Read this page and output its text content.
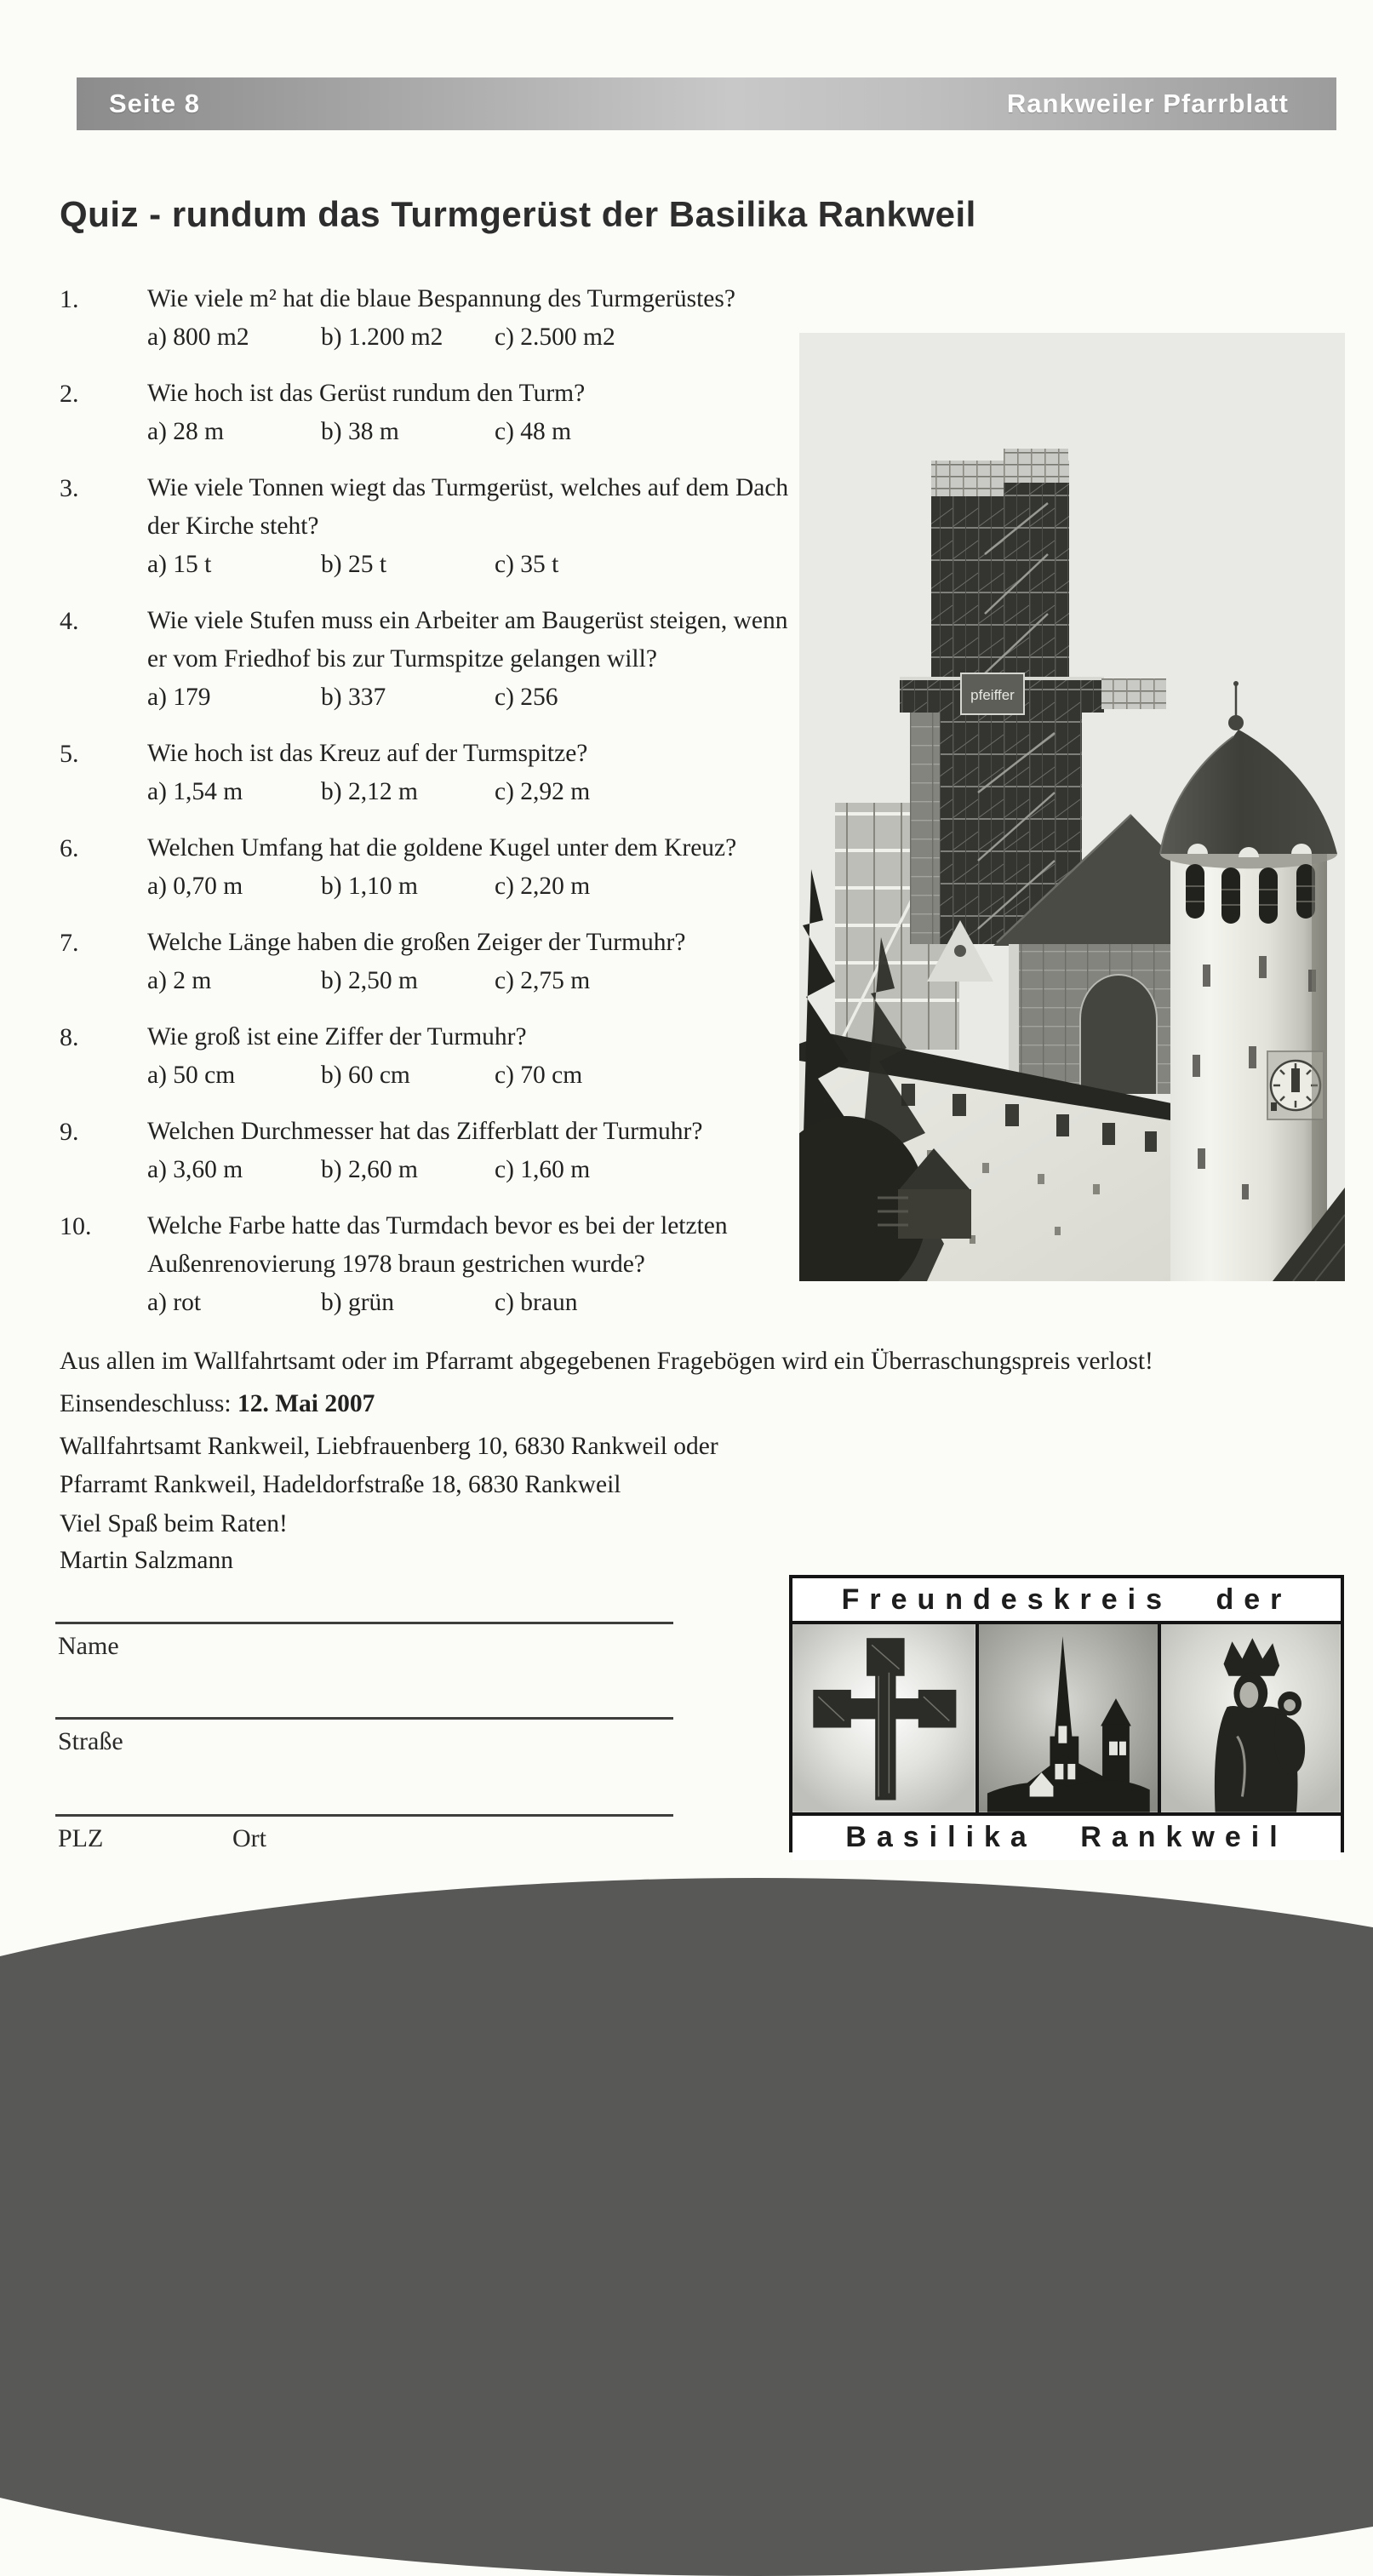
Seite 8	Rankweiler Pfarrblatt
Quiz - rundum das Turmgerüst der Basilika Rankweil
1.	Wie viele m² hat die blaue Bespannung des Turmgerüstes?
a) 800 m2	b) 1.200 m2 c) 2.500 m2
2.	Wie hoch ist das Gerüst rundum den Turm?
a) 28 m	b) 38 m	c) 48 m
3.	Wie viele Tonnen wiegt das Turmgerüst, welches auf dem Dach der Kirche steht?
a) 15 t	b) 25 t	c) 35 t
4.	Wie viele Stufen muss ein Arbeiter am Baugerüst steigen, wenn er vom Friedhof bis zur Turmspitze gelangen will?
a) 179	b) 337	c) 256
5.	Wie hoch ist das Kreuz auf der Turmspitze?
a) 1,54 m	b) 2,12 m	c) 2,92 m
6.	Welchen Umfang hat die goldene Kugel unter dem Kreuz?
a) 0,70 m	b) 1,10 m	c) 2,20 m
7.	Welche Länge haben die großen Zeiger der Turmuhr?
a) 2 m	b) 2,50 m	c) 2,75 m
8.	Wie groß ist eine Ziffer der Turmuhr?
a) 50 cm	b) 60 cm	c) 70 cm
9.	Welchen Durchmesser hat das Zifferblatt der Turmuhr?
a) 3,60 m	b) 2,60 m	c) 1,60 m
10.	Welche Farbe hatte das Turmdach bevor es bei der letzten Außenrenovierung 1978 braun gestrichen wurde?
a) rot	b) grün	c) braun
pfeiffer
Aus allen im Wallfahrtsamt oder im Pfarramt abgegebenen Fragebögen wird ein Überraschungspreis verlost!
Einsendeschluss: 12. Mai 2007
Wallfahrtsamt Rankweil, Liebfrauenberg 10, 6830 Rankweil oder
Pfarramt Rankweil, Hadeldorfstraße 18, 6830 Rankweil
Viel Spaß beim Raten!
Martin Salzmann
Name
Straße
PLZ	Ort
Freundeskreis der
Basilika Rankweil
